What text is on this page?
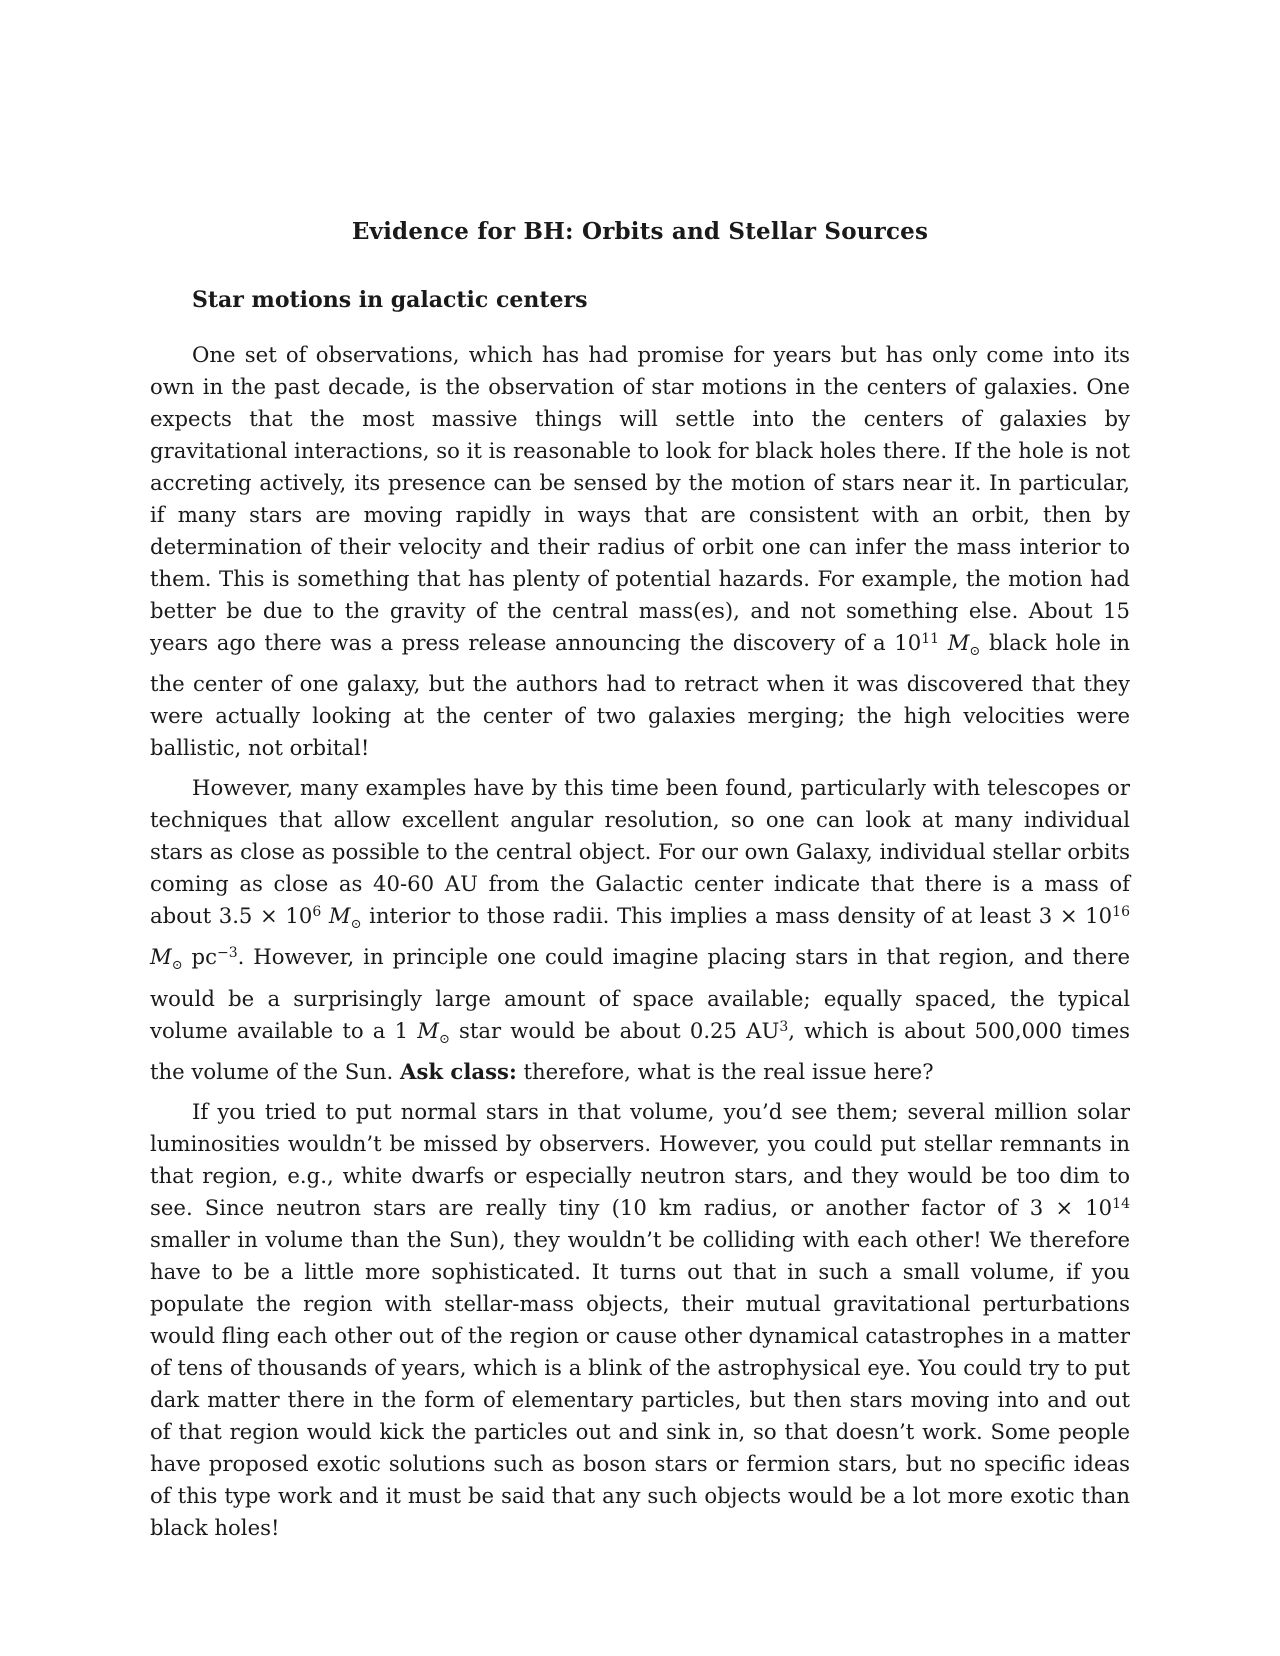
Evidence for BH: Orbits and Stellar Sources
Star motions in galactic centers

One set of observations, which has had promise for years but has only come into its own in the past decade, is the observation of star motions in the centers of galaxies. One expects that the most massive things will settle into the centers of galaxies by gravitational interactions, so it is reasonable to look for black holes there. If the hole is not accreting actively, its presence can be sensed by the motion of stars near it. In particular, if many stars are moving rapidly in ways that are consistent with an orbit, then by determination of their velocity and their radius of orbit one can infer the mass interior to them. This is something that has plenty of potential hazards. For example, the motion had better be due to the gravity of the central mass(es), and not something else. About 15 years ago there was a press release announcing the discovery of a $10^{11}$ $M_⊙$ black hole in the center of one galaxy, but the authors had to retract when it was discovered that they were actually looking at the center of two galaxies merging; the high velocities were ballistic, not orbital!

However, many examples have by this time been found, particularly with telescopes or techniques that allow excellent angular resolution, so one can look at many individual stars as close as possible to the central object. For our own Galaxy, individual stellar orbits coming as close as 40-60 AU from the Galactic center indicate that there is a mass of about $3.5 \times 10^6$ $M_⊙$ interior to those radii. This implies a mass density of at least $3 \times 10^{16}$ $M_⊙$ $pc^{-3}$. However, in principle one could imagine placing stars in that region, and there would be a surprisingly large amount of space available; equally spaced, the typical volume available to a 1 $M_⊙$ star would be about 0.25 $AU^3$, which is about 500,000 times the volume of the Sun. Ask class: therefore, what is the real issue here?

If you tried to put normal stars in that volume, you’d see them; several million solar luminosities wouldn’t be missed by observers. However, you could put stellar remnants in that region, e.g., white dwarfs or especially neutron stars, and they would be too dim to see. Since neutron stars are really tiny (10 km radius, or another factor of $3 \times 10^{14}$ smaller in volume than the Sun), they wouldn’t be colliding with each other! We therefore have to be a little more sophisticated. It turns out that in such a small volume, if you populate the region with stellar-mass objects, their mutual gravitational perturbations would fling each other out of the region or cause other dynamical catastrophes in a matter of tens of thousands of years, which is a blink of the astrophysical eye. You could try to put dark matter there in the form of elementary particles, but then stars moving into and out of that region would kick the particles out and sink in, so that doesn’t work. Some people have proposed exotic solutions such as boson stars or fermion stars, but no specific ideas of this type work and it must be said that any such objects would be a lot more exotic than black holes!
